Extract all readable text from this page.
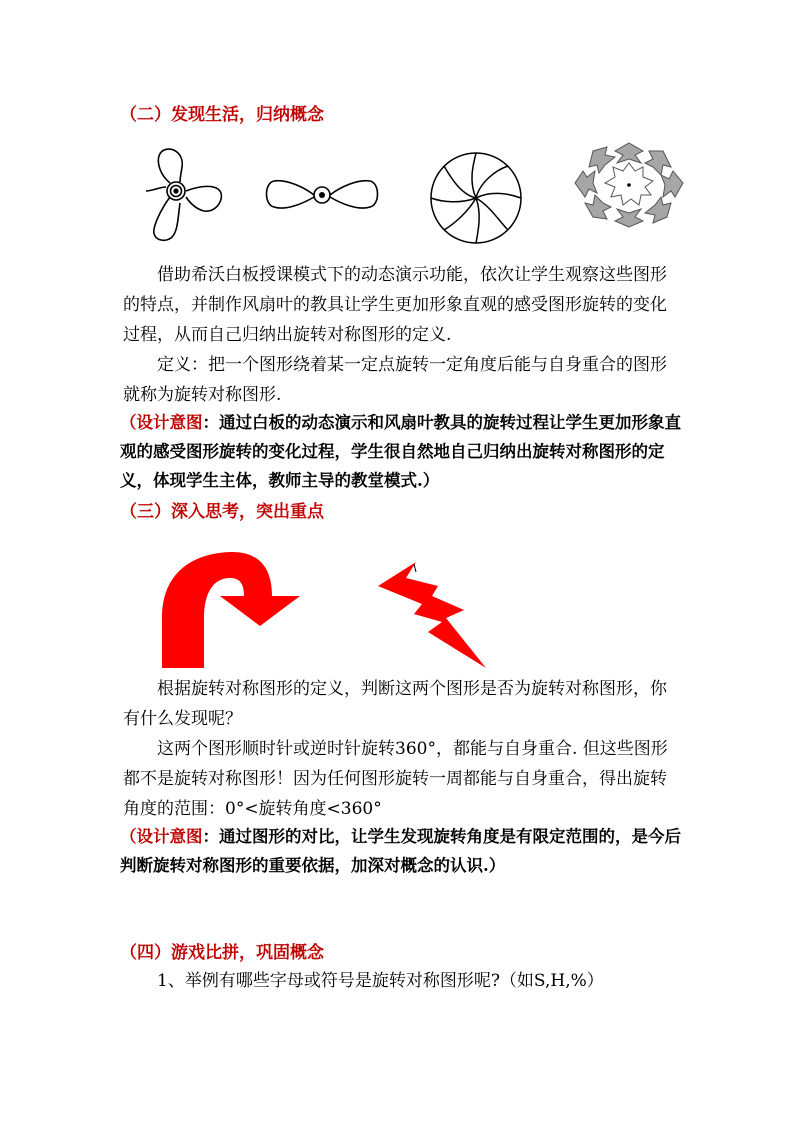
（二）发现生活，归纳概念

借助希沃白板授课模式下的动态演示功能，依次让学生观察这些图形的特点，并制作风扇叶的教具让学生更加形象直观的感受图形旋转的变化过程，从而自己归纳出旋转对称图形的定义.

定义：把一个图形绕着某一定点旋转一定角度后能与自身重合的图形就称为旋转对称图形.

（设计意图：通过白板的动态演示和风扇叶教具的旋转过程让学生更加形象直观的感受图形旋转的变化过程，学生很自然地自己归纳出旋转对称图形的定义，体现学生主体，教师主导的教堂模式.）
（三）深入思考，突出重点

根据旋转对称图形的定义，判断这两个图形是否为旋转对称图形，你有什么发现呢？

这两个图形顺时针或逆时针旋转360°，都能与自身重合. 但这些图形都不是旋转对称图形！因为任何图形旋转一周都能与自身重合，得出旋转角度的范围：0°<旋转角度<360°

（设计意图：通过图形的对比，让学生发现旋转角度是有限定范围的，是今后判断旋转对称图形的重要依据，加深对概念的认识.）
（四）游戏比拼，巩固概念

1、举例有哪些字母或符号是旋转对称图形呢?（如S,H,%）
